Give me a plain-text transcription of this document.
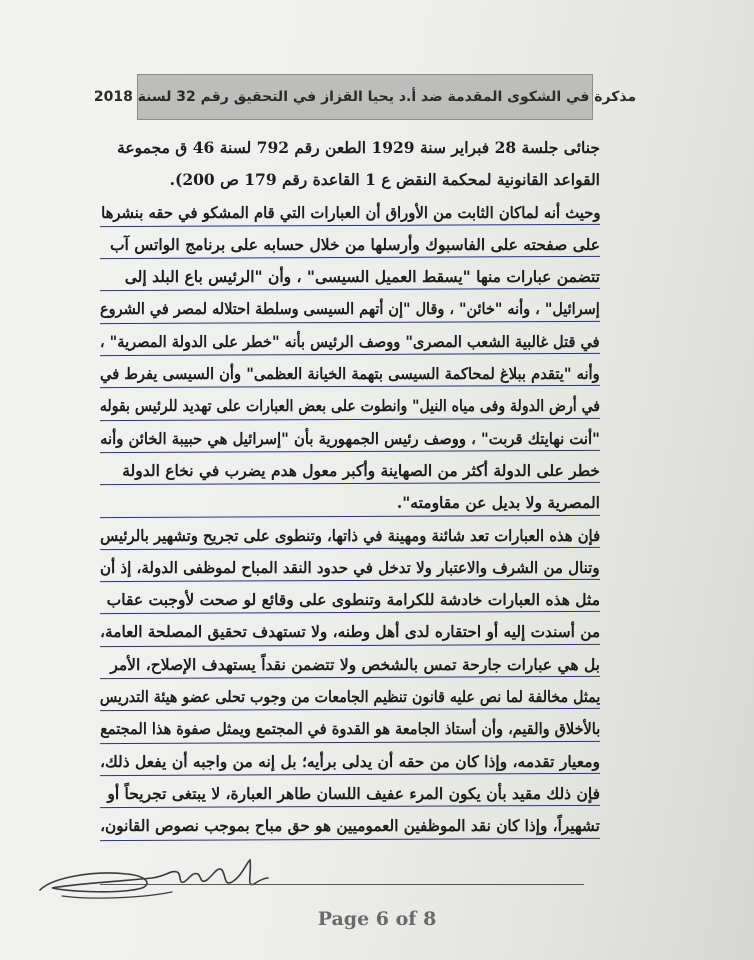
مذكرة في الشكوى المقدمة ضد أ.د يحيا القزاز في التحقيق رقم 32 لسنة 2018
جنائى جلسة 28 فبراير سنة 1929 الطعن رقم 792 لسنة 46 ق مجموعة
القواعد القانونية لمحكمة النقض ع 1 القاعدة رقم 179 ص 200).
وحيث أنه لماكان الثابت من الأوراق أن العبارات التي قام المشكو في حقه بنشرها
على صفحته على الفاسبوك وأرسلها من خلال حسابه على برنامج الواتس آب
تتضمن عبارات منها "يسقط العميل السيسى" ، وأن "الرئيس باع البلد إلى
إسرائيل" ، وأنه "خائن" ، وقال "إن أتهم السيسى وسلطة احتلاله لمصر في الشروع
في قتل غالبية الشعب المصرى" ووصف الرئيس بأنه "خطر على الدولة المصرية" ،
وأنه "يتقدم ببلاغ لمحاكمة السيسى بتهمة الخيانة العظمى" وأن السيسى يفرط في
في أرض الدولة وفى مياه النيل" وانطوت على بعض العبارات على تهديد للرئيس بقوله
"أنت نهايتك قربت" ، ووصف رئيس الجمهورية بأن "إسرائيل هي حبيبة الخائن وأنه
خطر على الدولة أكثر من الصهاينة وأكبر معول هدم يضرب في نخاع الدولة
المصرية ولا بديل عن مقاومته".
فإن هذه العبارات تعد شائنة ومهينة في ذاتها، وتنطوى على تجريح وتشهير بالرئيس
وتنال من الشرف والاعتبار ولا تدخل في حدود النقد المباح لموظفى الدولة، إذ أن
مثل هذه العبارات خادشة للكرامة وتنطوى على وقائع لو صحت لأوجبت عقاب
من أسندت إليه أو احتقاره لدى أهل وطنه، ولا تستهدف تحقيق المصلحة العامة،
بل هي عبارات جارحة تمس بالشخص ولا تتضمن نقداً يستهدف الإصلاح، الأمر
يمثل مخالفة لما نص عليه قانون تنظيم الجامعات من وجوب تحلى عضو هيئة التدريس
بالأخلاق والقيم، وأن أستاذ الجامعة هو القدوة في المجتمع ويمثل صفوة هذا المجتمع
ومعيار تقدمه، وإذا كان من حقه أن يدلى برأيه؛ بل إنه من واجبه أن يفعل ذلك،
فإن ذلك مقيد بأن يكون المرء عفيف اللسان طاهر العبارة، لا يبتغى تجريحاً أو
تشهيراً، وإذا كان نقد الموظفين العموميين هو حق مباح بموجب نصوص القانون،
Page 6 of 8
